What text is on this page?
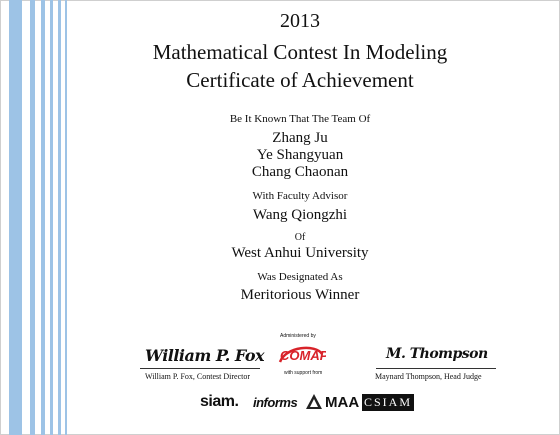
2013
Mathematical Contest In Modeling
Certificate of Achievement
Be It Known That The Team Of
Zhang Ju
Ye Shangyuan
Chang Chaonan
With Faculty Advisor
Wang Qiongzhi
Of
West Anhui University
Was Designated As
Meritorious Winner
William P. Fox
William P. Fox, Contest Director
Administered by
COMAP
with support from
M. Thompson
Maynard Thompson, Head Judge
siam. informs MAA CSIAM
